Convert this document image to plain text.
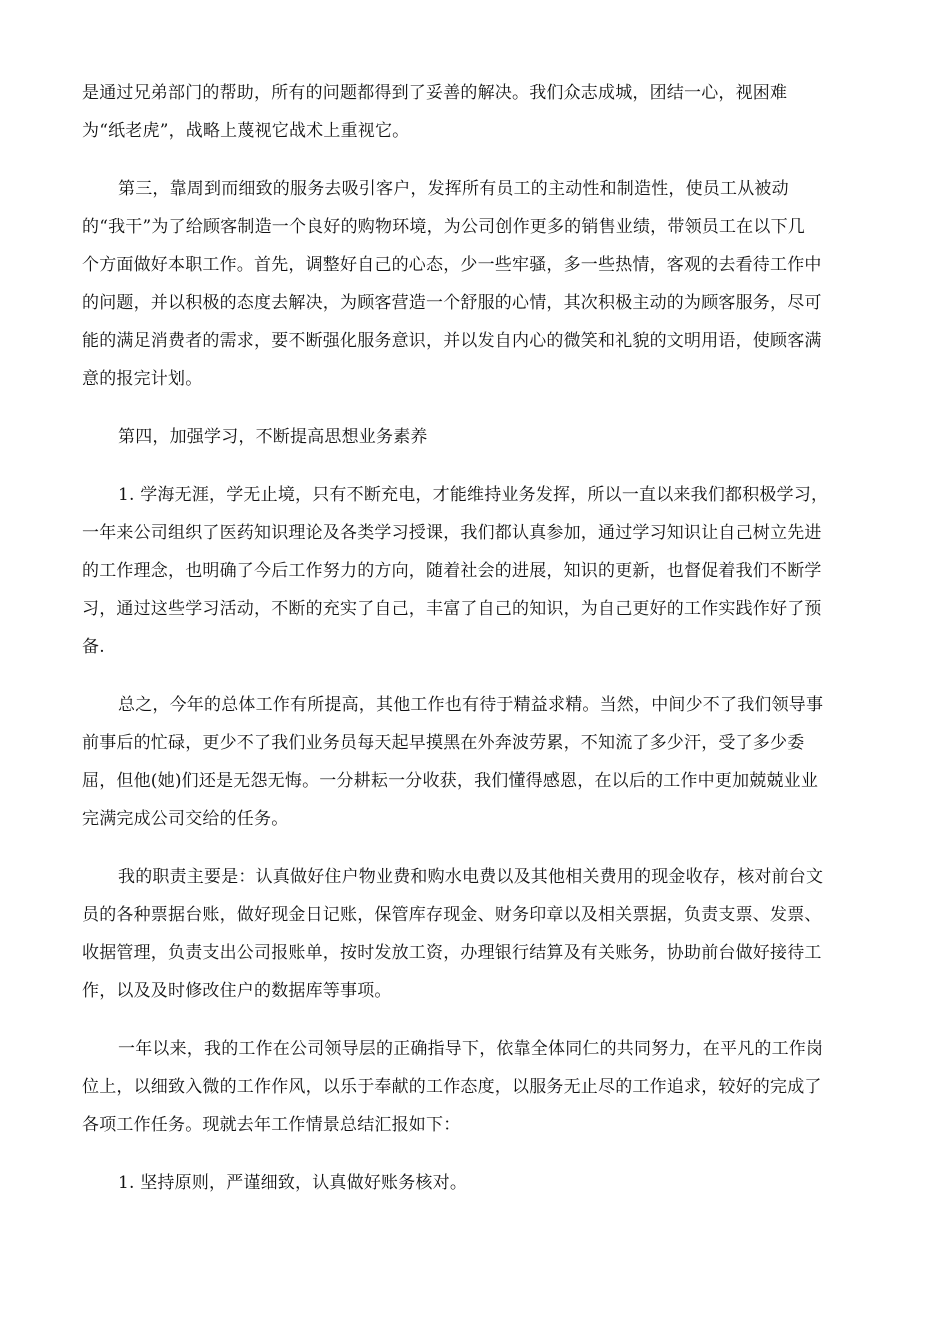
是通过兄弟部门的帮助，所有的问题都得到了妥善的解决。我们众志成城，团结一心，视困难
为“纸老虎”，战略上蔑视它战术上重视它。
第三，靠周到而细致的服务去吸引客户，发挥所有员工的主动性和制造性，使员工从被动
的“我干”为了给顾客制造一个良好的购物环境，为公司创作更多的销售业绩，带领员工在以下几
个方面做好本职工作。首先，调整好自己的心态，少一些牢骚，多一些热情，客观的去看待工作中
的问题，并以积极的态度去解决，为顾客营造一个舒服的心情，其次积极主动的为顾客服务，尽可
能的满足消费者的需求，要不断强化服务意识，并以发自内心的微笑和礼貌的文明用语，使顾客满
意的报完计划。
第四，加强学习，不断提高思想业务素养
1. 学海无涯，学无止境，只有不断充电，才能维持业务发挥，所以一直以来我们都积极学习，
一年来公司组织了医药知识理论及各类学习授课，我们都认真参加，通过学习知识让自己树立先进
的工作理念，也明确了今后工作努力的方向，随着社会的进展，知识的更新，也督促着我们不断学
习，通过这些学习活动，不断的充实了自己，丰富了自己的知识，为自己更好的工作实践作好了预
备.
总之，今年的总体工作有所提高，其他工作也有待于精益求精。当然，中间少不了我们领导事
前事后的忙碌，更少不了我们业务员每天起早摸黑在外奔波劳累，不知流了多少汗，受了多少委
屈，但他(她)们还是无怨无悔。一分耕耘一分收获，我们懂得感恩，在以后的工作中更加兢兢业业
完满完成公司交给的任务。
我的职责主要是：认真做好住户物业费和购水电费以及其他相关费用的现金收存，核对前台文
员的各种票据台账，做好现金日记账，保管库存现金、财务印章以及相关票据，负责支票、发票、
收据管理，负责支出公司报账单，按时发放工资，办理银行结算及有关账务，协助前台做好接待工
作，以及及时修改住户的数据库等事项。
一年以来，我的工作在公司领导层的正确指导下，依靠全体同仁的共同努力，在平凡的工作岗
位上，以细致入微的工作作风，以乐于奉献的工作态度，以服务无止尽的工作追求，较好的完成了
各项工作任务。现就去年工作情景总结汇报如下：
1. 坚持原则，严谨细致，认真做好账务核对。
